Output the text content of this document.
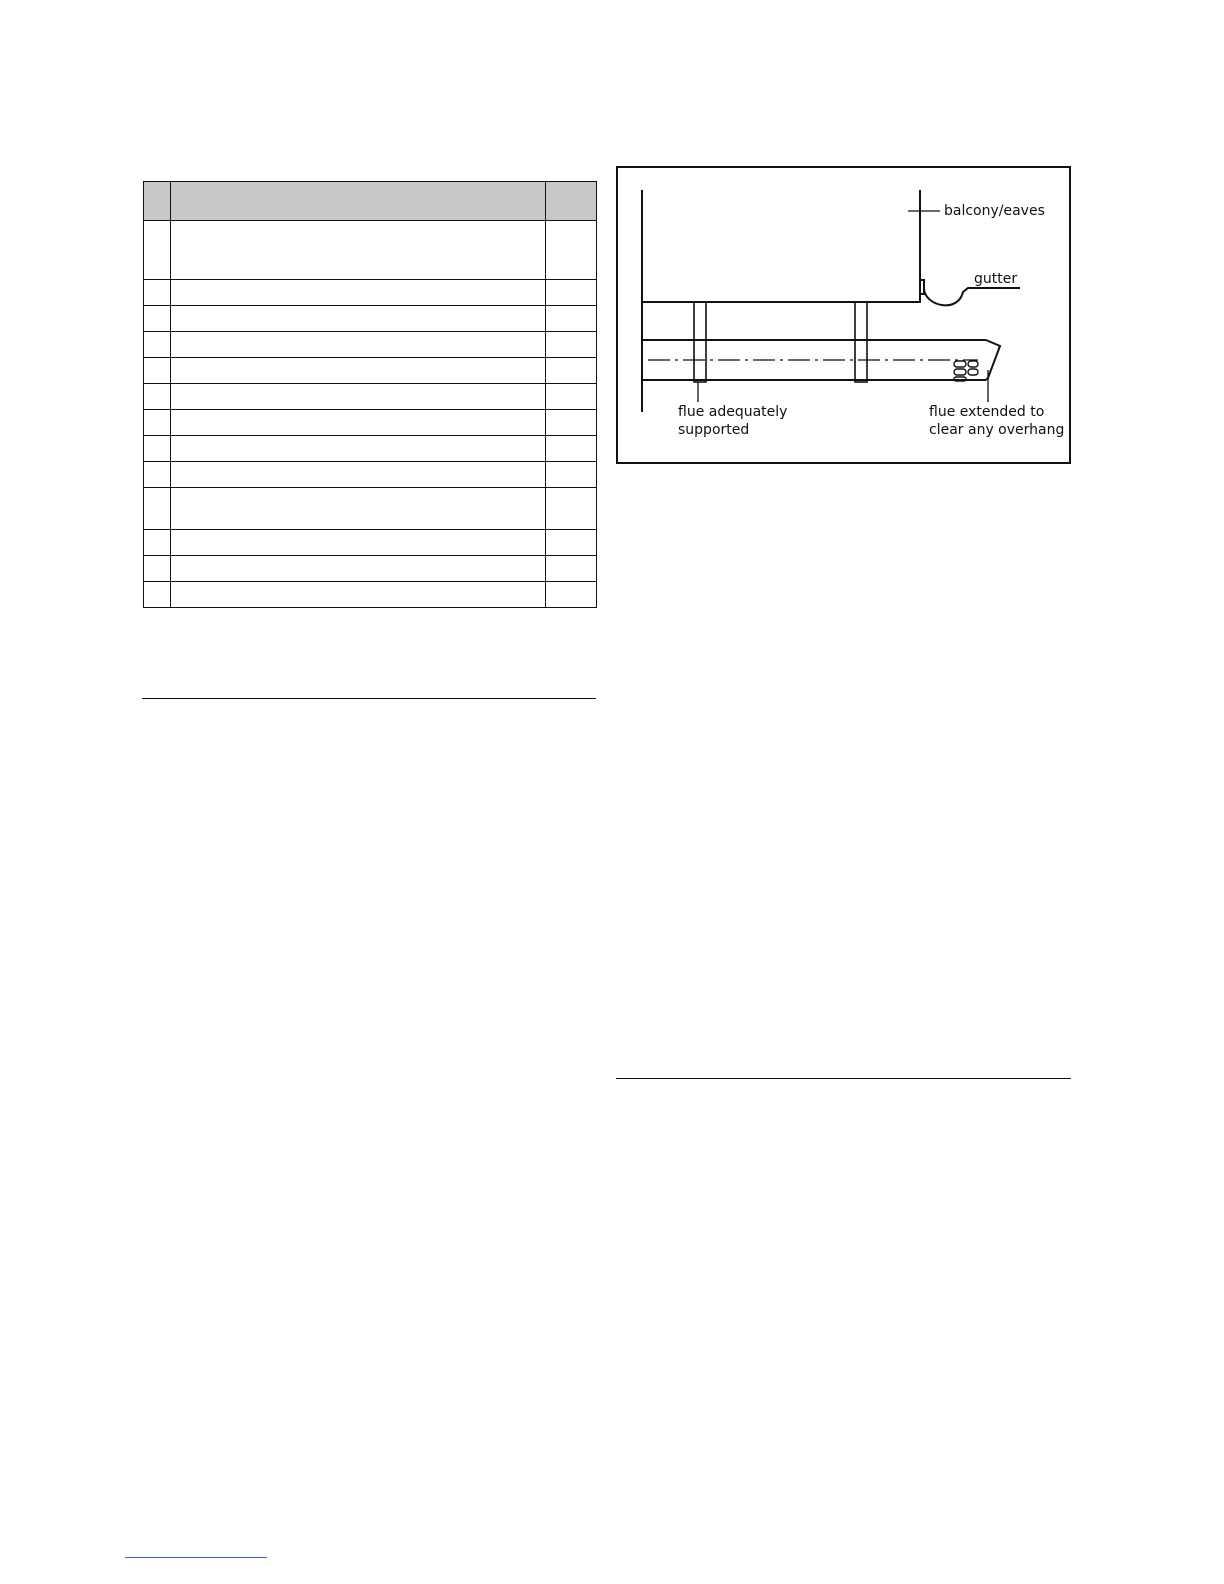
balcony/eaves
gutter
flue adequately
supported
flue extended to
clear any overhang
